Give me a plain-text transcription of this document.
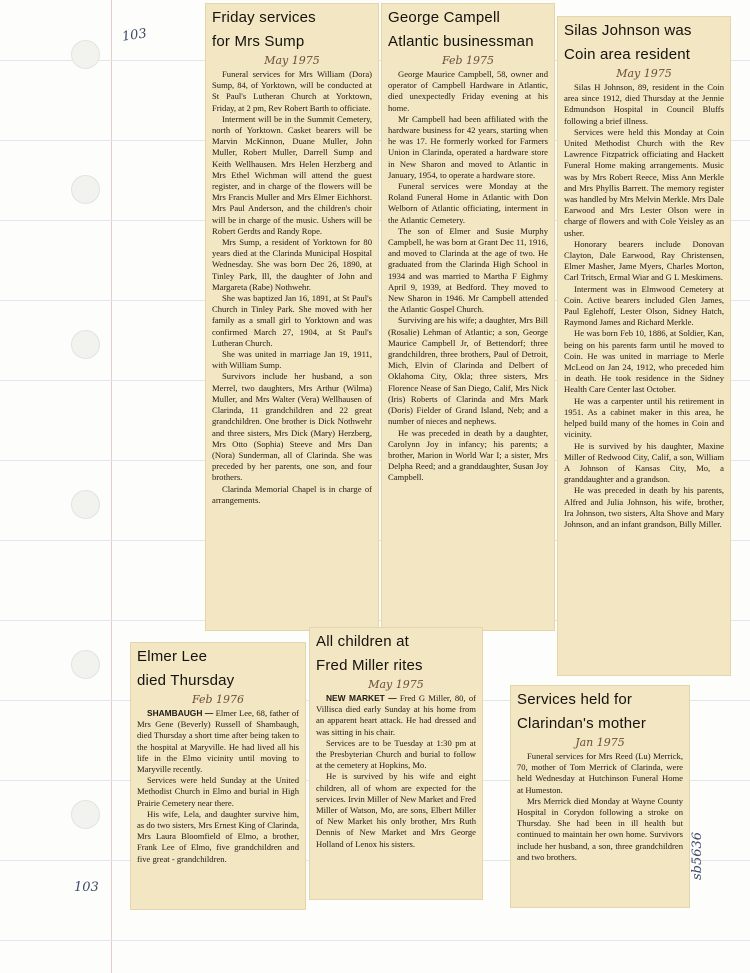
103
103
sb5636
Friday services
for Mrs Sump
May 1975

Funeral services for Mrs William (Dora) Sump, 84, of Yorktown, will be conducted at St Paul's Lutheran Church at Yorktown, Friday, at 2 pm, Rev Robert Barth to officiate.

Interment will be in the Summit Cemetery, north of Yorktown. Casket bearers will be Marvin McKinnon, Duane Muller, John Muller, Robert Muller, Darrell Sump and Keith Wellhausen. Mrs Helen Herzberg and Mrs Ethel Wichman will attend the guest register, and in charge of the flowers will be Mrs Francis Muller and Mrs Elmer Eichhorst. Mrs Paul Anderson, and the children's choir will be in charge of the music. Ushers will be Robert Gerdts and Randy Rope.

Mrs Sump, a resident of Yorktown for 80 years died at the Clarinda Municipal Hospital Wednesday. She was born Dec 26, 1890, at Tinley Park, Ill, the daughter of John and Margareta (Rabe) Nothwehr.

She was baptized Jan 16, 1891, at St Paul's Church in Tinley Park. She moved with her family as a small girl to Yorktown and was confirmed March 27, 1904, at St Paul's Lutheran Church.

She was united in marriage Jan 19, 1911, with William Sump.

Survivors include her husband, a son Merrel, two daughters, Mrs Arthur (Wilma) Muller, and Mrs Walter (Vera) Wellhausen of Clarinda, 11 grandchildren and 22 great grandchildren. One brother is Dick Nothwehr and three sisters, Mrs Dick (Mary) Herzberg, Mrs Otto (Sophia) Steeve and Mrs Dan (Nora) Sunderman, all of Clarinda. She was preceded by her parents, one son, and four brothers.

Clarinda Memorial Chapel is in charge of arrangements.

George Campell
Atlantic businessman
Feb 1975

George Maurice Campbell, 58, owner and operator of Campbell Hardware in Atlantic, died unexpectedly Friday evening at his home.

Mr Campbell had been affiliated with the hardware business for 42 years, starting when he was 17. He formerly worked for Farmers Union in Clarinda, operated a hardware store in New Sharon and moved to Atlantic in January, 1954, to operate a hardware store.

Funeral services were Monday at the Roland Funeral Home in Atlantic with Don Welborn of Atlantic officiating, interment in the Atlantic Cemetery.

The son of Elmer and Susie Murphy Campbell, he was born at Grant Dec 11, 1916, and moved to Clarinda at the age of two. He graduated from the Clarinda High School in 1934 and was married to Martha F Eighmy April 9, 1939, at Bedford. They moved to New Sharon in 1946. Mr Campbell attended the Atlantic Gospel Church.

Surviving are his wife; a daughter, Mrs Bill (Rosalie) Lehman of Atlantic; a son, George Maurice Campbell Jr, of Bettendorf; three grandchildren, three brothers, Paul of Detroit, Mich, Elvin of Clarinda and Delbert of Oklahoma City, Okla; three sisters, Mrs Florence Nease of San Diego, Calif, Mrs Nick (Iris) Roberts of Clarinda and Mrs Mark (Doris) Fielder of Grand Island, Neb; and a number of nieces and nephews.

He was preceded in death by a daughter, Carolynn Joy in infancy; his parents; a brother, Marion in World War I; a sister, Mrs Delpha Reed; and a granddaughter, Susan Joy Campbell.

Silas Johnson was
Coin area resident
May 1975

Silas H Johnson, 89, resident in the Coin area since 1912, died Thursday at the Jennie Edmundson Hospital in Council Bluffs following a brief illness.

Services were held this Monday at Coin United Methodist Church with the Rev Lawrence Fitzpatrick officiating and Hackett Funeral Home making arrangements. Music was by Mrs Robert Reece, Miss Ann Merkle and Mrs Phyllis Barrett. The memory register was handled by Mrs Melvin Merkle. Mrs Dale Earwood and Mrs Lester Olson were in charge of flowers and with Cole Yeisley as an usher.

Honorary bearers include Donovan Clayton, Dale Earwood, Ray Christensen, Elmer Masher, Jame Myers, Charles Morton, Carl Tritsch, Ermal Wiar and G L Meskimens.

Interment was in Elmwood Cemetery at Coin. Active bearers included Glen James, Paul Eglehoff, Lester Olson, Sidney Hatch, Raymond James and Richard Merkle.

He was born Feb 10, 1886, at Soldier, Kan, being on his parents farm until he moved to Coin. He was united in marriage to Merle McLeod on Jan 24, 1912, who preceded him in death. He took residence in the Sidney Health Care Center last October.

He was a carpenter until his retirement in 1951. As a cabinet maker in this area, he helped build many of the homes in Coin and vicinity.

He is survived by his daughter, Maxine Miller of Redwood City, Calif, a son, William A Johnson of Kansas City, Mo, a granddaughter and a grandson.

He was preceded in death by his parents, Alfred and Julia Johnson, his wife, brother, Ira Johnson, two sisters, Alta Shove and Mary Johnson, and an infant grandson, Billy Miller.

Elmer Lee
died Thursday
Feb 1976

SHAMBAUGH — Elmer Lee, 68, father of Mrs Gene (Beverly) Russell of Shambaugh, died Thursday a short time after being taken to the hospital at Maryville. He had lived all his life in the Elmo vicinity until moving to Maryville recently.

Services were held Sunday at the United Methodist Church in Elmo and burial in High Prairie Cemetery near there.

His wife, Lela, and daughter survive him, as do two sisters, Mrs Ernest King of Clarinda, Mrs Laura Bloomfield of Elmo, a brother, Frank Lee of Elmo, five grandchildren and five great - grandchildren.

All children at
Fred Miller rites
May 1975

NEW MARKET — Fred G Miller, 80, of Villisca died early Sunday at his home from an apparent heart attack. He had dressed and was sitting in his chair.

Services are to be Tuesday at 1:30 pm at the Presbyterian Church and burial to follow at the cemetery at Hopkins, Mo.

He is survived by his wife and eight children, all of whom are expected for the services. Irvin Miller of New Market and Fred Miller of Watson, Mo, are sons, Elbert Miller of New Market his only brother, Mrs Ruth Dennis of New Market and Mrs George Holland of Lenox his sisters.

Services held for
Clarindan's mother
Jan 1975

Funeral services for Mrs Reed (Lu) Merrick, 70, mother of Tom Merrick of Clarinda, were held Wednesday at Hutchinson Funeral Home at Humeston.

Mrs Merrick died Monday at Wayne County Hospital in Corydon following a stroke on Thursday. She had been in ill health but continued to maintain her own home. Survivors include her husband, a son, three grandchildren and two brothers.
